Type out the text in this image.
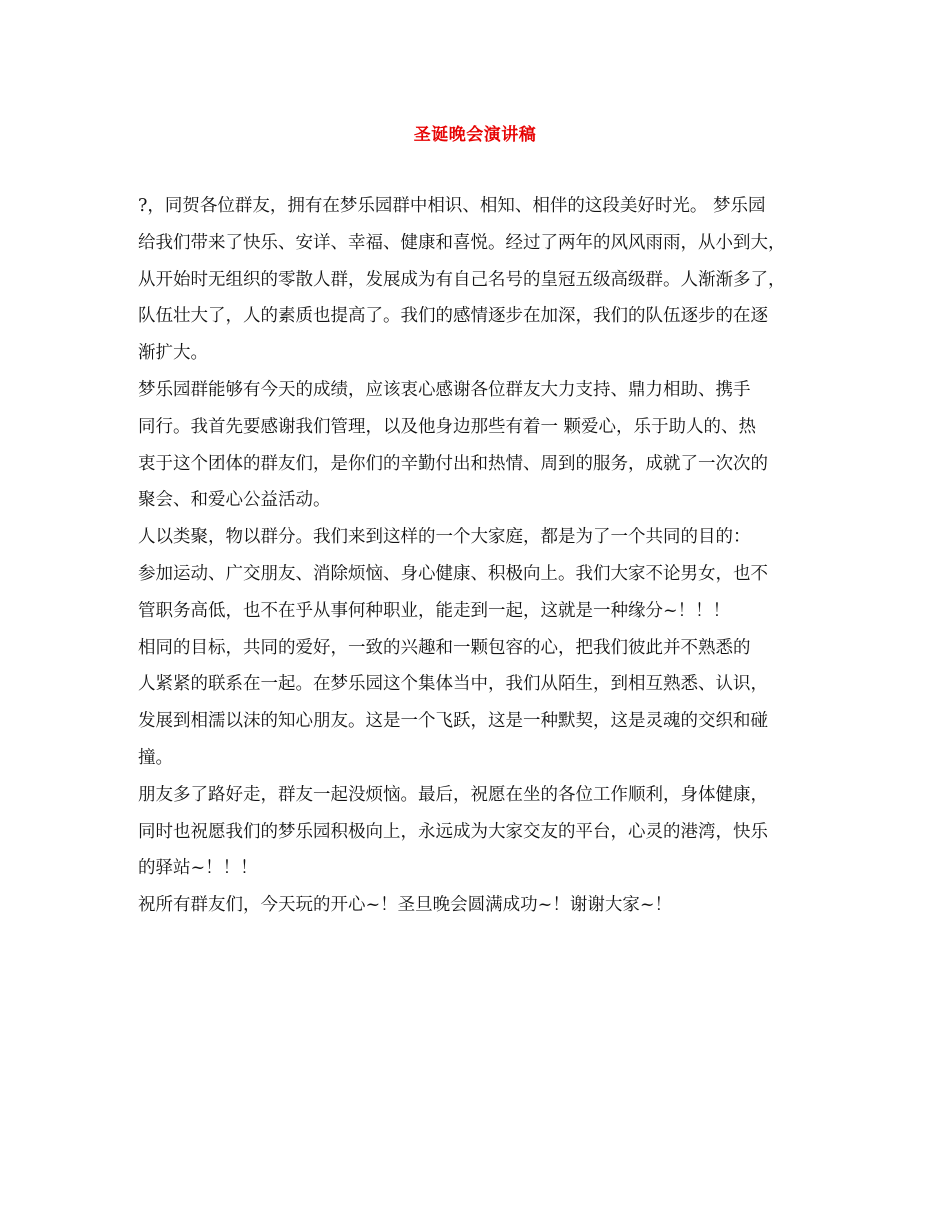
圣诞晚会演讲稿
?，同贺各位群友，拥有在梦乐园群中相识、相知、相伴的这段美好时光。 梦乐园
给我们带来了快乐、安详、幸福、健康和喜悦。经过了两年的风风雨雨，从小到大，
从开始时无组织的零散人群，发展成为有自己名号的皇冠五级高级群。人渐渐多了，
队伍壮大了，人的素质也提高了。我们的感情逐步在加深，我们的队伍逐步的在逐
渐扩大。
梦乐园群能够有今天的成绩，应该衷心感谢各位群友大力支持、鼎力相助、携手
同行。我首先要感谢我们管理，以及他身边那些有着一 颗爱心，乐于助人的、热
衷于这个团体的群友们，是你们的辛勤付出和热情、周到的服务，成就了一次次的
聚会、和爱心公益活动。
人以类聚，物以群分。我们来到这样的一个大家庭，都是为了一个共同的目的：
参加运动、广交朋友、消除烦恼、身心健康、积极向上。我们大家不论男女，也不
管职务高低，也不在乎从事何种职业，能走到一起，这就是一种缘分~！！！
相同的目标，共同的爱好，一致的兴趣和一颗包容的心，把我们彼此并不熟悉的
人紧紧的联系在一起。在梦乐园这个集体当中，我们从陌生，到相互熟悉、认识，
发展到相濡以沫的知心朋友。这是一个飞跃，这是一种默契，这是灵魂的交织和碰
撞。
朋友多了路好走，群友一起没烦恼。最后，祝愿在坐的各位工作顺利，身体健康，
同时也祝愿我们的梦乐园积极向上，永远成为大家交友的平台，心灵的港湾，快乐
的驿站~！！！
祝所有群友们，今天玩的开心~！圣旦晚会圆满成功~！谢谢大家~！
